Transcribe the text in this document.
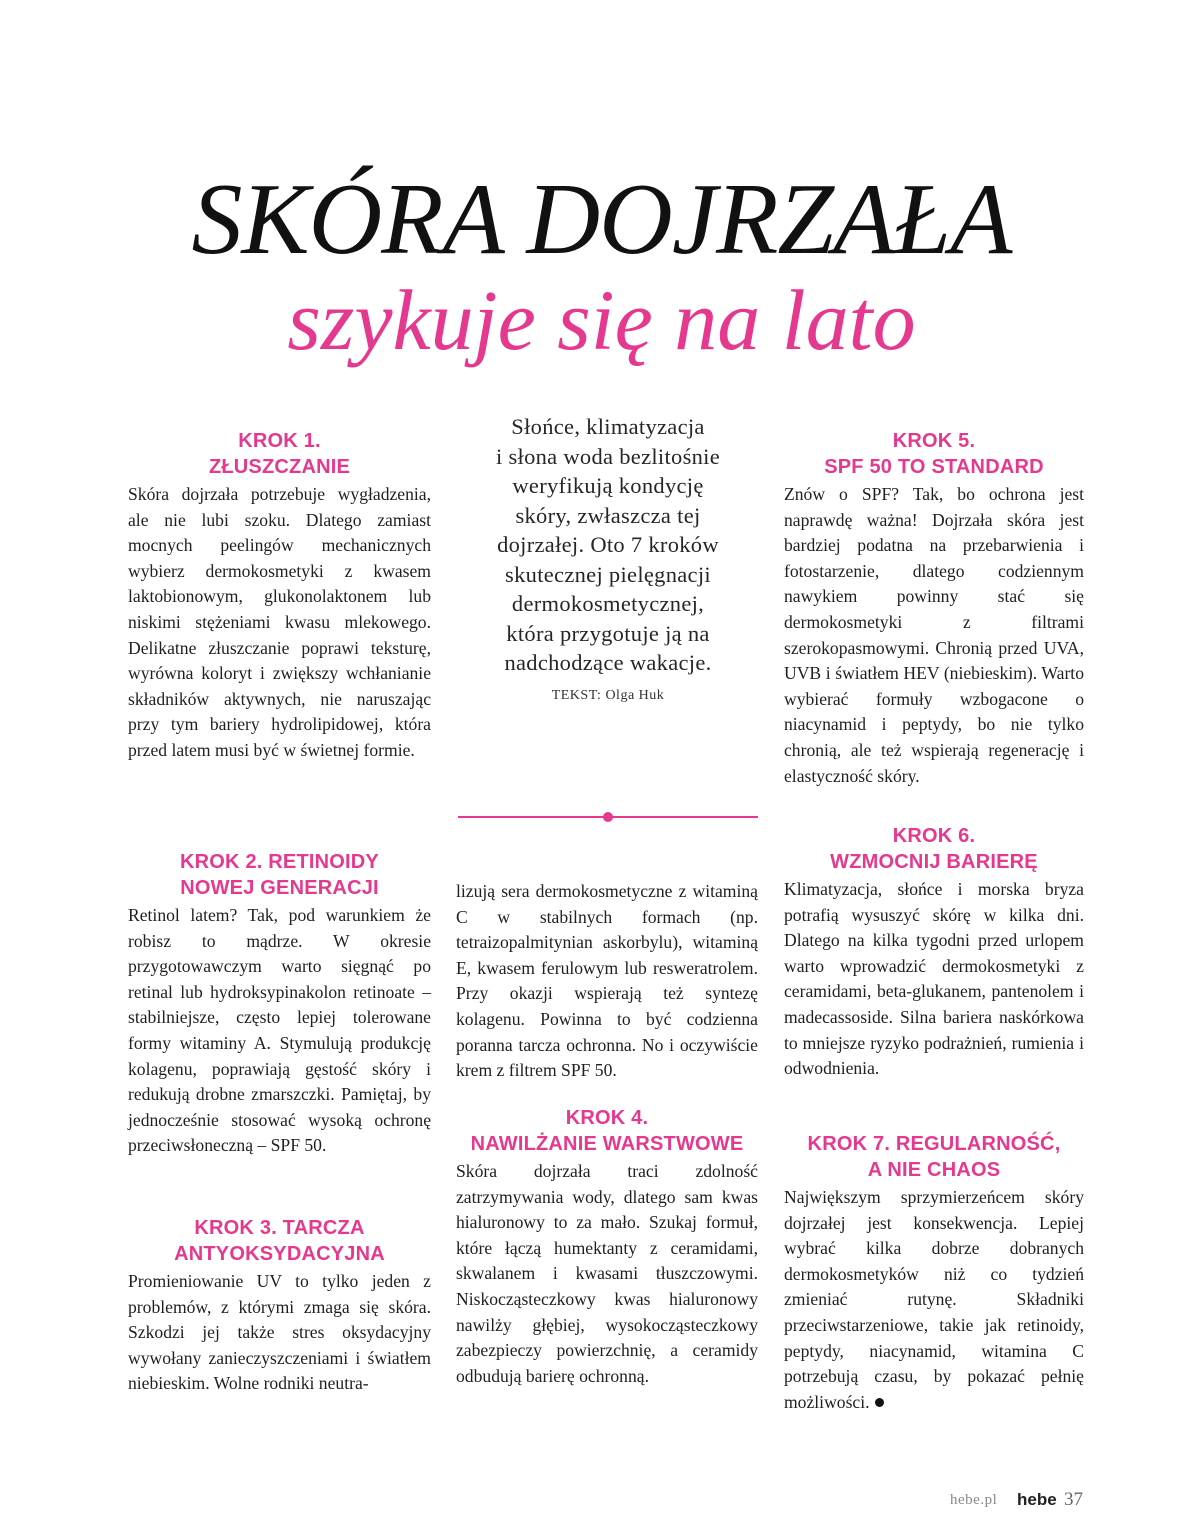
SKÓRA DOJRZAŁA
szykuje się na lato
KROK 1.
ZŁUSZCZANIE

Skóra dojrzała potrzebuje wygładzenia, ale nie lubi szoku. Dlatego zamiast mocnych peelingów mechanicznych wybierz dermokosmetyki z kwasem laktobionowym, glukonolaktonem lub niskimi stężeniami kwasu mlekowego. Delikatne złuszczanie poprawi teksturę, wyrówna koloryt i zwiększy wchłanianie składników aktywnych, nie naruszając przy tym bariery hydrolipidowej, która przed latem musi być w świetnej formie.

KROK 2. RETINOIDY
NOWEJ GENERACJI

Retinol latem? Tak, pod warunkiem że robisz to mądrze. W okresie przygotowawczym warto sięgnąć po retinal lub hydroksypinakolon retinoate – stabilniejsze, często lepiej tolerowane formy witaminy A. Stymulują produkcję kolagenu, poprawiają gęstość skóry i redukują drobne zmarszczki. Pamiętaj, by jednocześnie stosować wysoką ochronę przeciwsłoneczną – SPF 50.

KROK 3. TARCZA
ANTYOKSYDACYJNA

Promieniowanie UV to tylko jeden z problemów, z którymi zmaga się skóra. Szkodzi jej także stres oksydacyjny wywołany zanieczyszczeniami i światłem niebieskim. Wolne rodniki neutra-

Słońce, klimatyzacja

i słona woda bezlitośnie

weryfikują kondycję

skóry, zwłaszcza tej

dojrzałej. Oto 7 kroków

skutecznej pielęgnacji

dermokosmetycznej,

która przygotuje ją na

nadchodzące wakacje.

TEKST: Olga Huk

lizują sera dermokosmetyczne z witaminą C w stabilnych formach (np. tetraizopalmitynian askorbylu), witaminą E, kwasem ferulowym lub resweratrolem. Przy okazji wspierają też syntezę kolagenu. Powinna to być codzienna poranna tarcza ochronna. No i oczywiście krem z filtrem SPF 50.

KROK 4.
NAWILŻANIE WARSTWOWE

Skóra dojrzała traci zdolność zatrzymywania wody, dlatego sam kwas hialuronowy to za mało. Szukaj formuł, które łączą humektanty z ceramidami, skwalanem i kwasami tłuszczowymi. Niskocząsteczkowy kwas hialuronowy nawilży głębiej, wysokocząsteczkowy zabezpieczy powierzchnię, a ceramidy odbudują barierę ochronną.

KROK 5.
SPF 50 TO STANDARD

Znów o SPF? Tak, bo ochrona jest naprawdę ważna! Dojrzała skóra jest bardziej podatna na przebarwienia i fotostarzenie, dlatego codziennym nawykiem powinny stać się dermokosmetyki z filtrami szerokopasmowymi. Chronią przed UVA, UVB i światłem HEV (niebieskim). Warto wybierać formuły wzbogacone o niacynamid i peptydy, bo nie tylko chronią, ale też wspierają regenerację i elastyczność skóry.

KROK 6.
WZMOCNIJ BARIERĘ

Klimatyzacja, słońce i morska bryza potrafią wysuszyć skórę w kilka dni. Dlatego na kilka tygodni przed urlopem warto wprowadzić dermokosmetyki z ceramidami, beta-glukanem, pantenolem i madecassoside. Silna bariera naskórkowa to mniejsze ryzyko podrażnień, rumienia i odwodnienia.

KROK 7. REGULARNOŚĆ,
A NIE CHAOS

Największym sprzymierzeńcem skóry dojrzałej jest konsekwencja. Lepiej wybrać kilka dobrze dobranych dermokosmetyków niż co tydzień zmieniać rutynę. Składniki przeciwstarzeniowe, takie jak retinoidy, peptydy, niacynamid, witamina C potrzebują czasu, by pokazać pełnię możliwości.

hebe.pl hebe 37
